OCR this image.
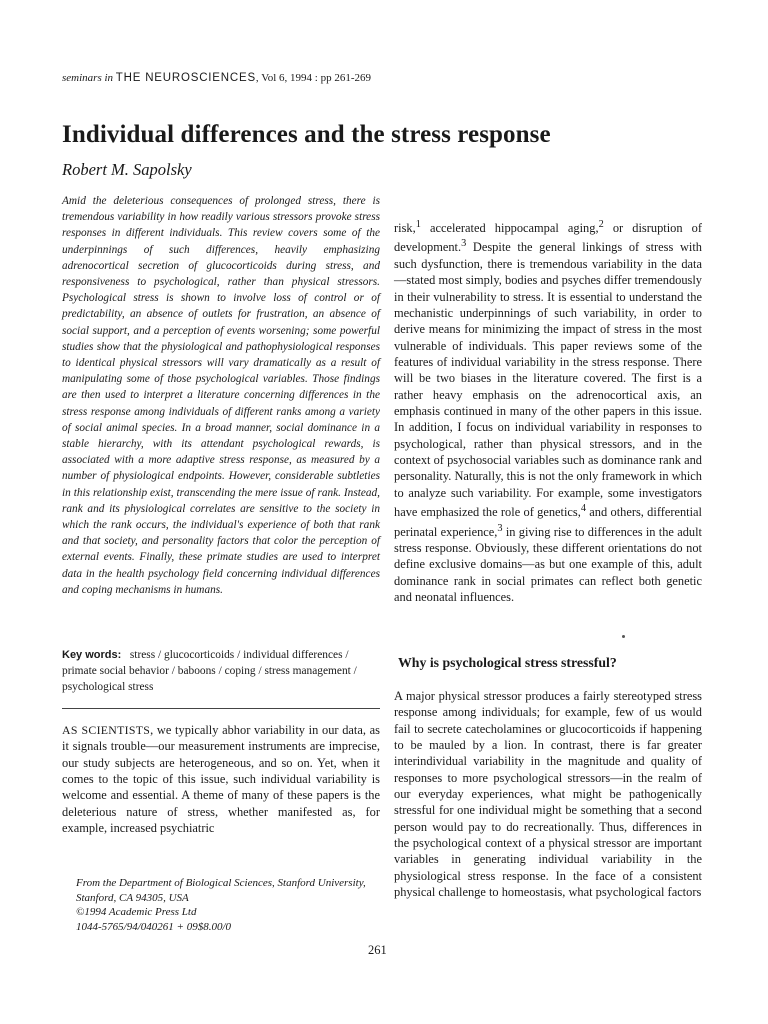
seminars in THE NEUROSCIENCES, Vol 6, 1994 : pp 261-269
Individual differences and the stress response
Robert M. Sapolsky

Amid the deleterious consequences of prolonged stress, there is tremendous variability in how readily various stressors provoke stress responses in different individuals. This review covers some of the underpinnings of such differences, heavily emphasizing adrenocortical secretion of glucocorticoids during stress, and responsiveness to psychological, rather than physical stressors. Psychological stress is shown to involve loss of control or of predictability, an absence of outlets for frustration, an absence of social support, and a perception of events worsening; some powerful studies show that the physiological and pathophysiological responses to identical physical stressors will vary dramatically as a result of manipulating some of those psychological variables. Those findings are then used to interpret a literature concerning differences in the stress response among individuals of different ranks among a variety of social animal species. In a broad manner, social dominance in a stable hierarchy, with its attendant psychological rewards, is associated with a more adaptive stress response, as measured by a number of physiological endpoints. However, considerable subtleties in this relationship exist, transcending the mere issue of rank. Instead, rank and its physiological correlates are sensitive to the society in which the rank occurs, the individual's experience of both that rank and that society, and personality factors that color the perception of external events. Finally, these primate studies are used to interpret data in the health psychology field concerning individual differences and coping mechanisms in humans.

Key words: stress / glucocorticoids / individual differences / primate social behavior / baboons / coping / stress management / psychological stress

AS SCIENTISTS, we typically abhor variability in our data, as it signals trouble—our measurement instruments are imprecise, our study subjects are heterogeneous, and so on. Yet, when it comes to the topic of this issue, such individual variability is welcome and essential. A theme of many of these papers is the deleterious nature of stress, whether manifested as, for example, increased psychiatric

From the Department of Biological Sciences, Stanford University, Stanford, CA 94305, USA

©1994 Academic Press Ltd

1044-5765/94/040261 + 09$8.00/0

risk,$^1$ accelerated hippocampal aging,$^2$ or disruption of development.$^3$ Despite the general linkings of stress with such dysfunction, there is tremendous variability in the data—stated most simply, bodies and psyches differ tremendously in their vulnerability to stress. It is essential to understand the mechanistic underpinnings of such variability, in order to derive means for minimizing the impact of stress in the most vulnerable of individuals. This paper reviews some of the features of individual variability in the stress response. There will be two biases in the literature covered. The first is a rather heavy emphasis on the adrenocortical axis, an emphasis continued in many of the other papers in this issue. In addition, I focus on individual variability in responses to psychological, rather than physical stressors, and in the context of psychosocial variables such as dominance rank and personality. Naturally, this is not the only framework in which to analyze such variability. For example, some investigators have emphasized the role of genetics,$^4$ and others, differential perinatal experience,$^3$ in giving rise to differences in the adult stress response. Obviously, these different orientations do not define exclusive domains—as but one example of this, adult dominance rank in social primates can reflect both genetic and neonatal influences.

Why is psychological stress stressful?

A major physical stressor produces a fairly stereotyped stress response among individuals; for example, few of us would fail to secrete catecholamines or glucocorticoids if happening to be mauled by a lion. In contrast, there is far greater interindividual variability in the magnitude and quality of responses to more psychological stressors—in the realm of our everyday experiences, what might be pathogenically stressful for one individual might be something that a second person would pay to do recreationally. Thus, differences in the psychological context of a physical stressor are important variables in generating individual variability in the physiological stress response. In the face of a consistent physical challenge to homeostasis, what psychological factors

261
